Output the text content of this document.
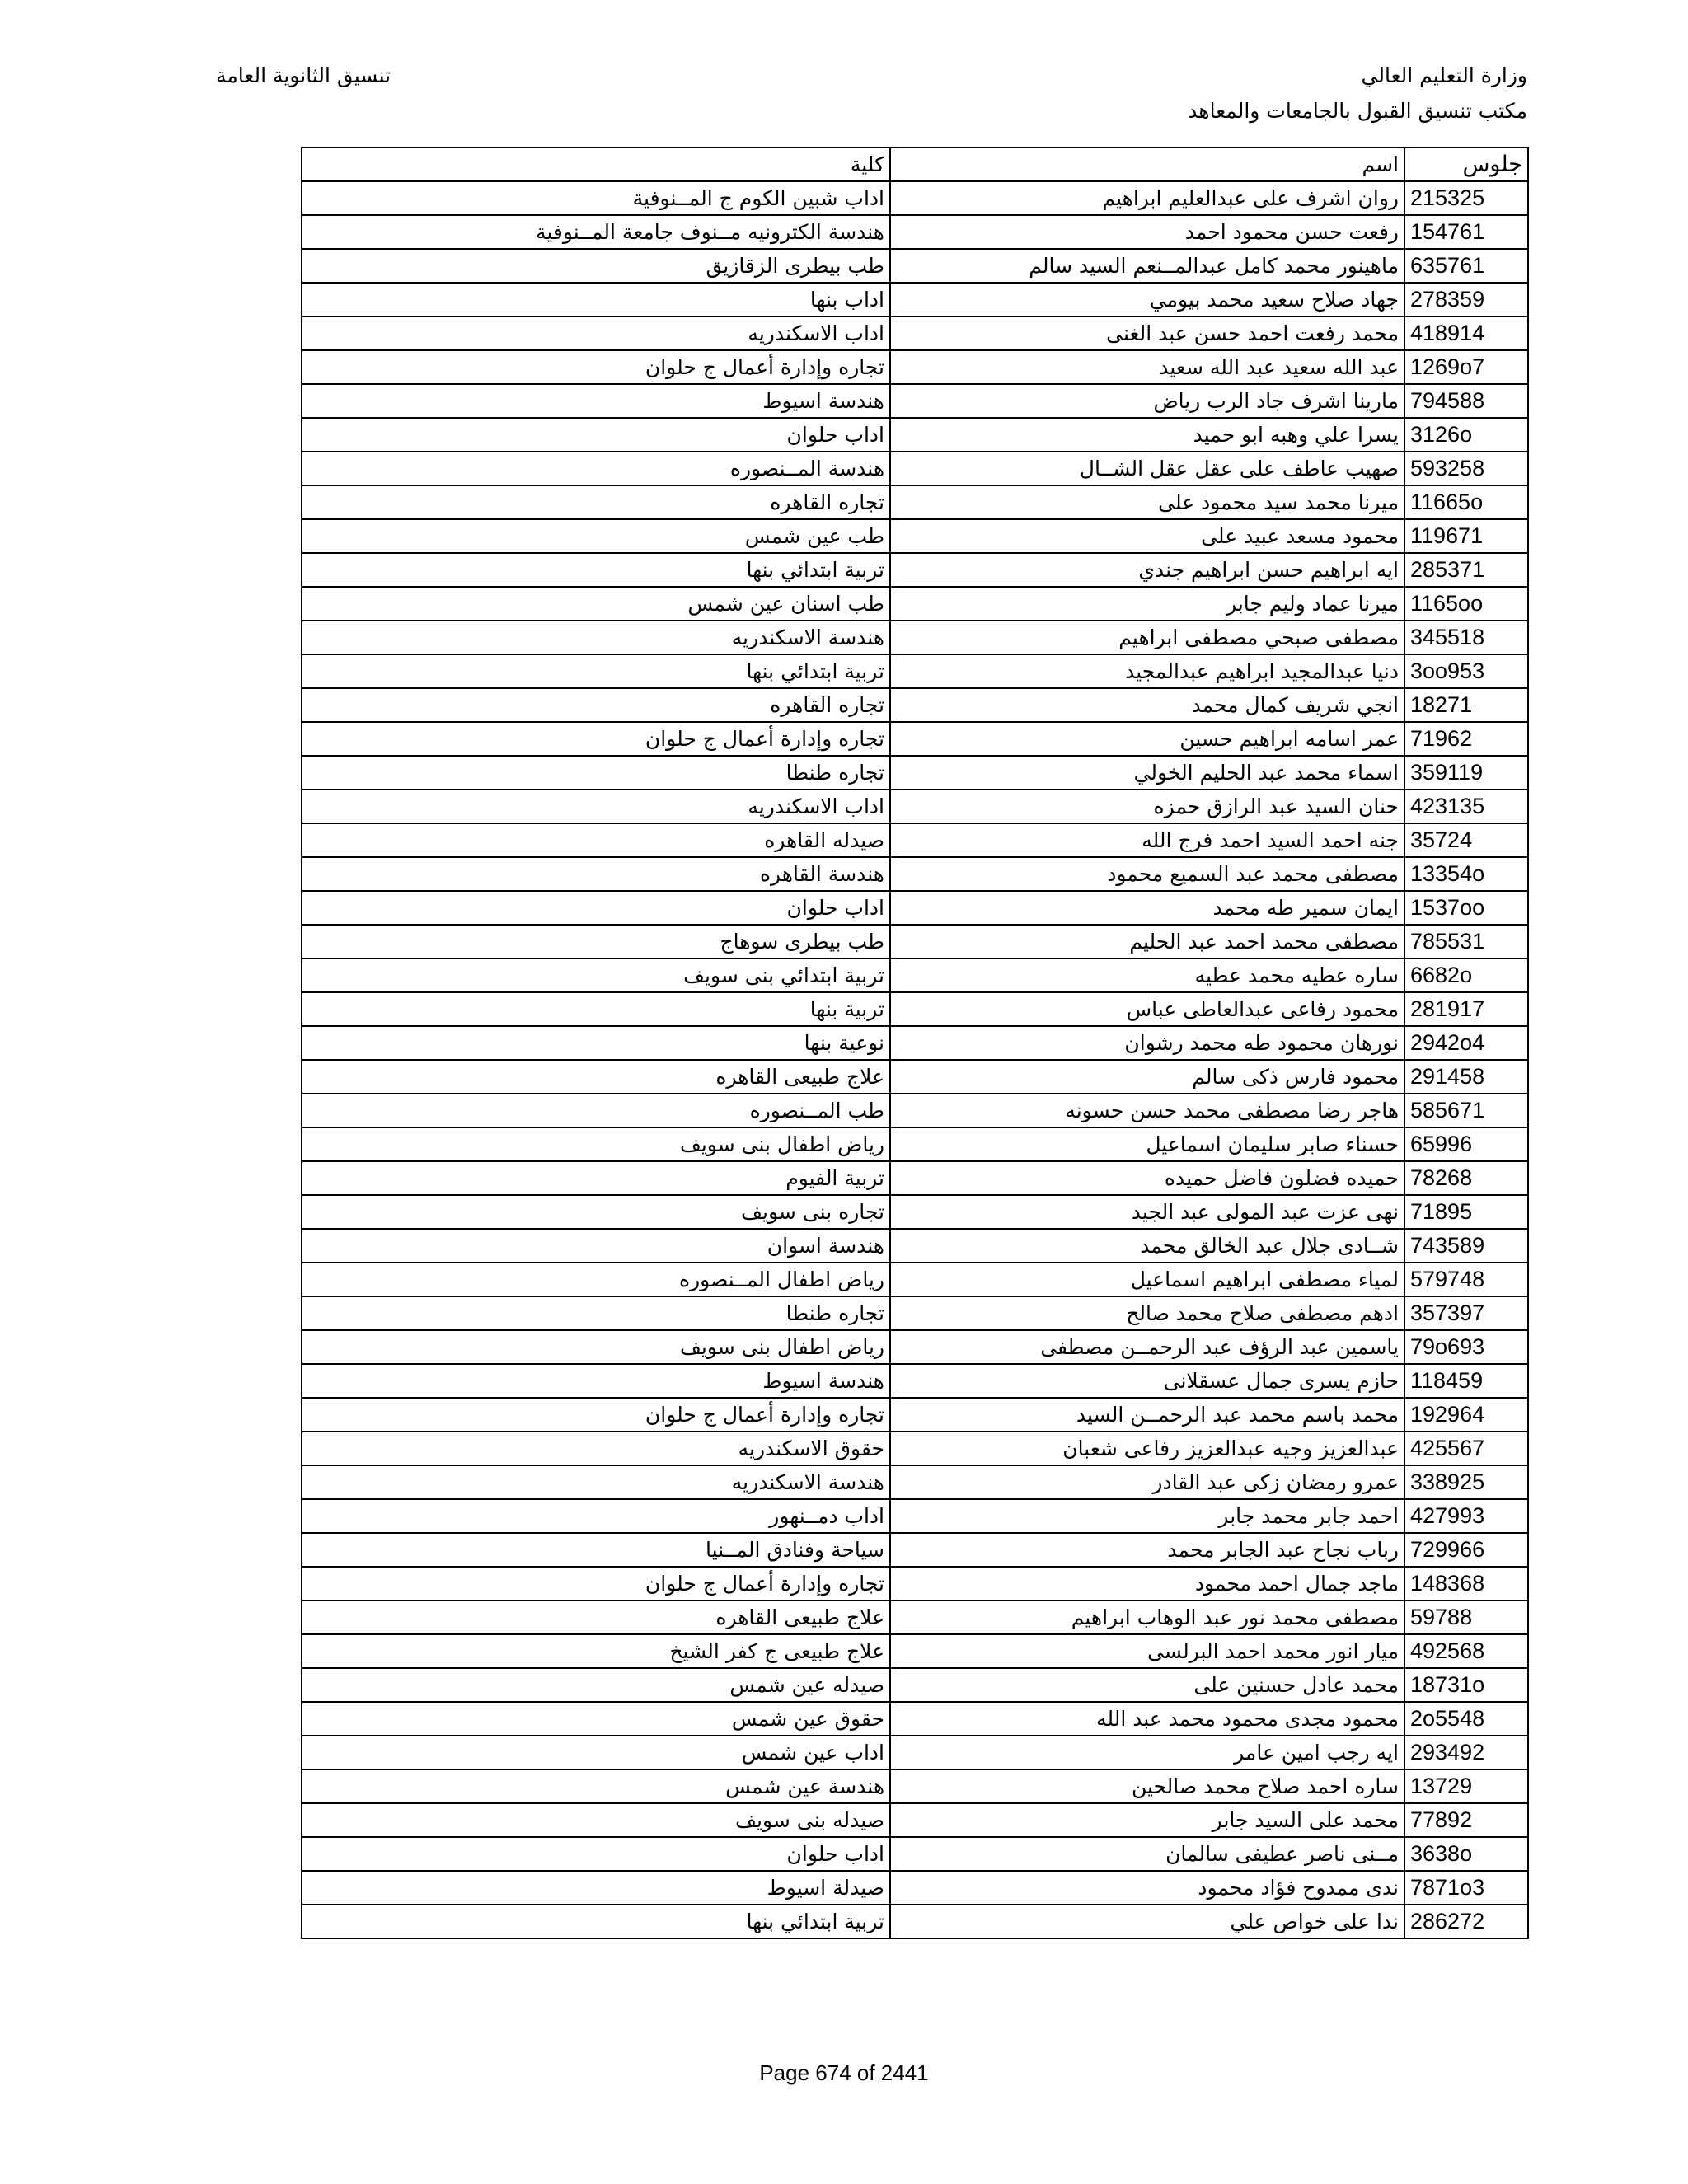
وزارة التعليم العالي
مكتب تنسيق القبول بالجامعات والمعاهد
تنسيق الثانوية العامة
كلية	اسم	جلوس
اداب شبين الكوم ج المــنوفية	روان اشرف على عبدالعليم ابراهيم	215325
هندسة الكترونيه مــنوف جامعة المــنوفية	رفعت حسن محمود احمد	154761
طب بيطرى الزقازيق	ماهينور محمد كامل عبدالمــنعم السيد سالم	635761
اداب بنها	جهاد صلاح سعيد محمد بيومي	278359
اداب الاسكندريه	محمد رفعت احمد حسن عبد الغنى	418914
تجاره وإدارة أعمال ج حلوان	عبد الله سعيد عبد الله سعيد	1269o7
هندسة اسيوط	مارينا اشرف جاد الرب رياض	794588
اداب حلوان	يسرا علي وهبه ابو حميد	3126o
هندسة المــنصوره	صهيب عاطف على عقل عقل الشــال	593258
تجاره القاهره	ميرنا محمد سيد محمود على	11665o
طب عين شمس	محمود مسعد عبيد على	119671
تربية ابتدائي بنها	ايه ابراهيم حسن ابراهيم جندي	285371
طب اسنان عين شمس	ميرنا عماد وليم جابر	1165oo
هندسة الاسكندريه	مصطفى صبحي مصطفى ابراهيم	345518
تربية ابتدائي بنها	دنيا عبدالمجيد ابراهيم عبدالمجيد	3oo953
تجاره القاهره	انجي شريف كمال محمد	18271
تجاره وإدارة أعمال ج حلوان	عمر اسامه ابراهيم حسين	71962
تجاره طنطا	اسماء محمد عبد الحليم الخولي	359119
اداب الاسكندريه	حنان السيد عبد الرازق حمزه	423135
صيدله القاهره	جنه احمد السيد احمد فرج الله	35724
هندسة القاهره	مصطفى محمد عبد السميع محمود	13354o
اداب حلوان	ايمان سمير طه محمد	1537oo
طب بيطرى سوهاج	مصطفى محمد احمد عبد الحليم	785531
تربية ابتدائي بنى سويف	ساره عطيه محمد عطيه	6682o
تربية بنها	محمود رفاعى عبدالعاطى عباس	281917
نوعية بنها	نورهان محمود طه محمد رشوان	2942o4
علاج طبيعى القاهره	محمود فارس ذكى سالم	291458
طب المــنصوره	هاجر رضا مصطفى محمد حسن حسونه	585671
رياض اطفال بنى سويف	حسناء صابر سليمان اسماعيل	65996
تربية الفيوم	حميده فضلون فاضل حميده	78268
تجاره بنى سويف	نهى عزت عبد المولى عبد الجيد	71895
هندسة اسوان	شــادى جلال عبد الخالق محمد	743589
رياض اطفال المــنصوره	لمياء مصطفى ابراهيم اسماعيل	579748
تجاره طنطا	ادهم مصطفى صلاح محمد صالح	357397
رياض اطفال بنى سويف	ياسمين عبد الرؤف عبد الرحمــن مصطفى	79o693
هندسة اسيوط	حازم يسرى جمال عسقلانى	118459
تجاره وإدارة أعمال ج حلوان	محمد باسم محمد عبد الرحمــن السيد	192964
حقوق الاسكندريه	عبدالعزيز وجيه عبدالعزيز رفاعى شعبان	425567
هندسة الاسكندريه	عمرو رمضان زكى عبد القادر	338925
اداب دمــنهور	احمد جابر محمد جابر	427993
سياحة وفنادق المــنيا	رباب نجاح عبد الجابر محمد	729966
تجاره وإدارة أعمال ج حلوان	ماجد جمال احمد محمود	148368
علاج طبيعى القاهره	مصطفى محمد نور عبد الوهاب ابراهيم	59788
علاج طبيعى ج كفر الشيخ	ميار انور محمد احمد البرلسى	492568
صيدله عين شمس	محمد عادل حسنين على	18731o
حقوق عين شمس	محمود مجدى محمود محمد عبد الله	2o5548
اداب عين شمس	ايه رجب امين عامر	293492
هندسة عين شمس	ساره احمد صلاح محمد صالحين	13729
صيدله بنى سويف	محمد على السيد جابر	77892
اداب حلوان	مــنى ناصر عطيفى سالمان	3638o
صيدلة اسيوط	ندى ممدوح فؤاد محمود	7871o3
تربية ابتدائي بنها	ندا على خواص علي	286272
Page 674 of 2441
